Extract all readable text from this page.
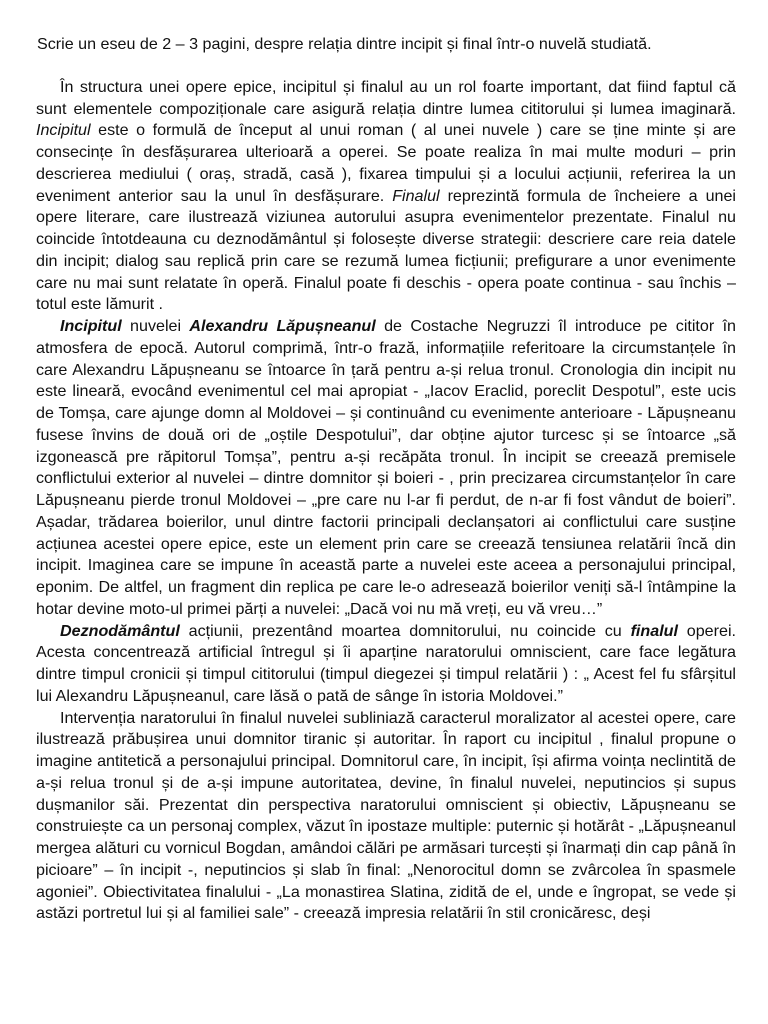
Scrie un eseu de 2 – 3 pagini, despre relația dintre incipit și final într-o nuvelă studiată.

În structura unei opere epice, incipitul și finalul au un rol foarte important, dat fiind faptul că sunt elementele compoziționale care asigură relația dintre lumea cititorului și lumea imaginară. Incipitul este o formulă de început al unui roman ( al unei nuvele ) care se ține minte și are consecințe în desfășurarea ulterioară a operei. Se poate realiza în mai multe moduri – prin descrierea mediului ( oraș, stradă, casă ), fixarea timpului și a locului acțiunii, referirea la un eveniment anterior sau la unul în desfășurare. Finalul reprezintă formula de încheiere a unei opere literare, care ilustrează viziunea autorului asupra evenimentelor prezentate. Finalul nu coincide întotdeauna cu deznodământul și folosește diverse strategii: descriere care reia datele din incipit; dialog sau replică prin care se rezumă lumea ficțiunii; prefigurare a unor evenimente care nu mai sunt relatate în operă. Finalul poate fi deschis - opera poate continua - sau închis – totul este lămurit .

Incipitul nuvelei Alexandru Lăpușneanul de Costache Negruzzi îl introduce pe cititor în atmosfera de epocă. Autorul comprimă, într-o frază, informațiile referitoare la circumstanțele în care Alexandru Lăpușneanu se întoarce în țară pentru a-și relua tronul. Cronologia din incipit nu este lineară, evocând evenimentul cel mai apropiat - „Iacov Eraclid, poreclit Despotul”, este ucis de Tomșa, care ajunge domn al Moldovei – și continuând cu evenimente anterioare - Lăpușneanu fusese învins de două ori de „oștile Despotului”, dar obține ajutor turcesc și se întoarce „să izgonească pre răpitorul Tomșa”, pentru a-și recăpăta tronul. În incipit se creează premisele conflictului exterior al nuvelei – dintre domnitor și boieri - , prin precizarea circumstanțelor în care Lăpușneanu pierde tronul Moldovei – „pre care nu l-ar fi perdut, de n-ar fi fost vândut de boieri”. Așadar, trădarea boierilor, unul dintre factorii principali declanșatori ai conflictului care susține acțiunea acestei opere epice, este un element prin care se creează tensiunea relatării încă din incipit. Imaginea care se impune în această parte a nuvelei este aceea a personajului principal, eponim. De altfel, un fragment din replica pe care le-o adresează boierilor veniți să-l întâmpine la hotar devine moto-ul primei părți a nuvelei: „Dacă voi nu mă vreți, eu vă vreu…”

Deznodământul acțiunii, prezentând moartea domnitorului, nu coincide cu finalul operei. Acesta concentrează artificial întregul și îi aparține naratorului omniscient, care face legătura dintre timpul cronicii și timpul cititorului (timpul diegezei și timpul relatării ) : „ Acest fel fu sfârșitul lui Alexandru Lăpușneanul, care lăsă o pată de sânge în istoria Moldovei.”

Intervenția naratorului în finalul nuvelei subliniază caracterul moralizator al acestei opere, care ilustrează prăbușirea unui domnitor tiranic și autoritar. În raport cu incipitul , finalul propune o imagine antitetică a personajului principal. Domnitorul care, în incipit, își afirma voința neclintită de a-și relua tronul și de a-și impune autoritatea, devine, în finalul nuvelei, neputincios și supus dușmanilor săi. Prezentat din perspectiva naratorului omniscient și obiectiv, Lăpușneanu se construiește ca un personaj complex, văzut în ipostaze multiple: puternic și hotărât - „Lăpușneanul mergea alături cu vornicul Bogdan, amândoi călări pe armăsari turcești și înarmați din cap până în picioare” – în incipit -, neputincios și slab în final: „Nenorocitul domn se zvârcolea în spasmele agoniei”. Obiectivitatea finalului - „La monastirea Slatina, zidită de el, unde e îngropat, se vede și astăzi portretul lui și al familiei sale” - creează impresia relatării în stil cronicăresc, deși
